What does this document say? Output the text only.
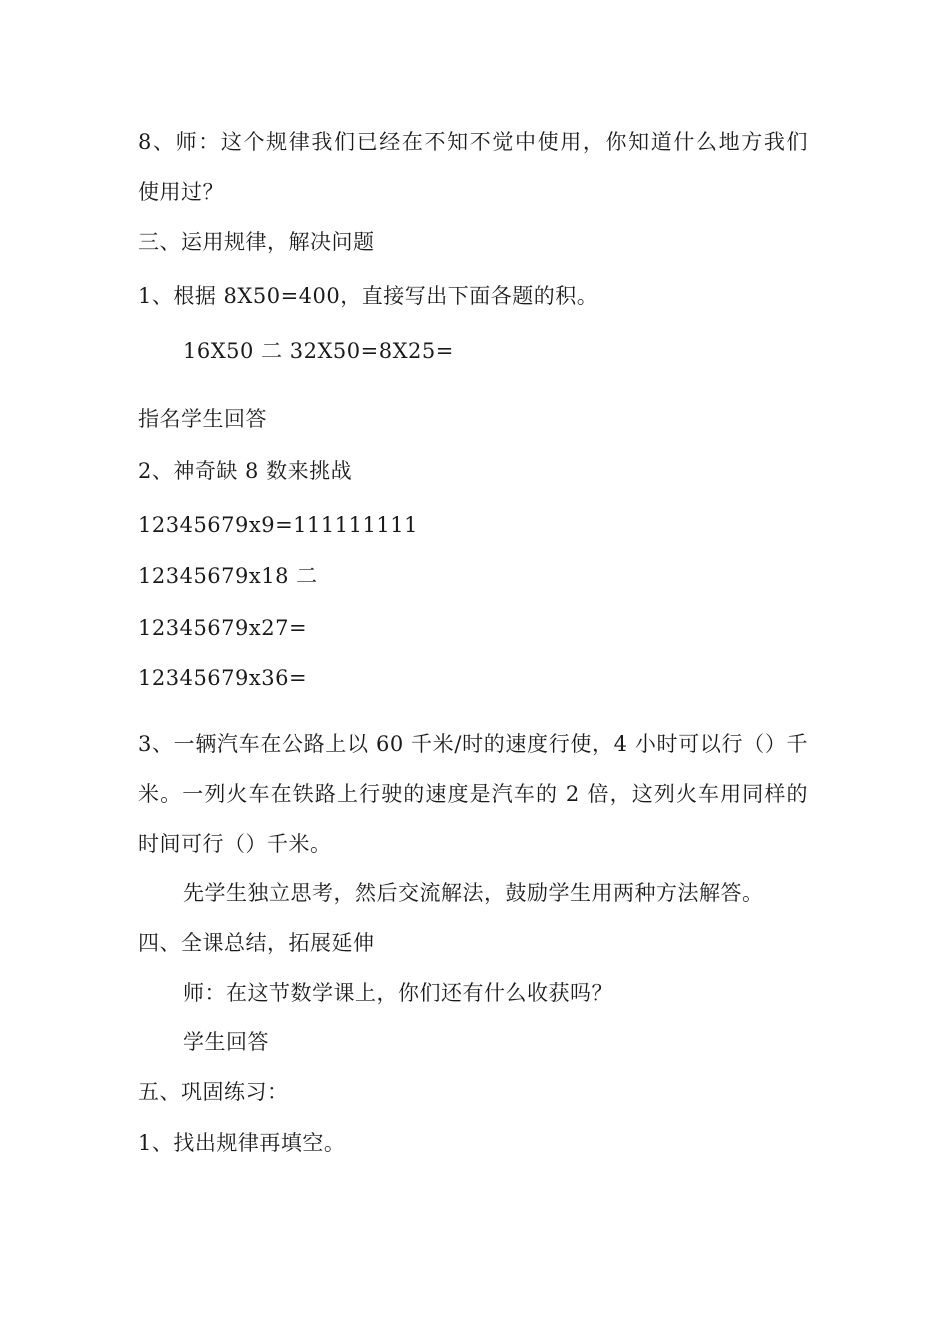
8、师：这个规律我们已经在不知不觉中使用，你知道什么地方我们
使用过？
三、运用规律，解决问题
1、根据 8X50=400，直接写出下面各题的积。
16X50 二 32X50=8X25=
指名学生回答
2、神奇缺 8 数来挑战
12345679x9=111111111
12345679x18 二
12345679x27=
12345679x36=
3、一辆汽车在公路上以 60 千米/时的速度行使，4 小时可以行（）千
米。一列火车在铁路上行驶的速度是汽车的 2 倍，这列火车用同样的
时间可行（）千米。
先学生独立思考，然后交流解法，鼓励学生用两种方法解答。
四、全课总结，拓展延伸
师：在这节数学课上，你们还有什么收获吗？
学生回答
五、巩固练习：
1、找出规律再填空。
